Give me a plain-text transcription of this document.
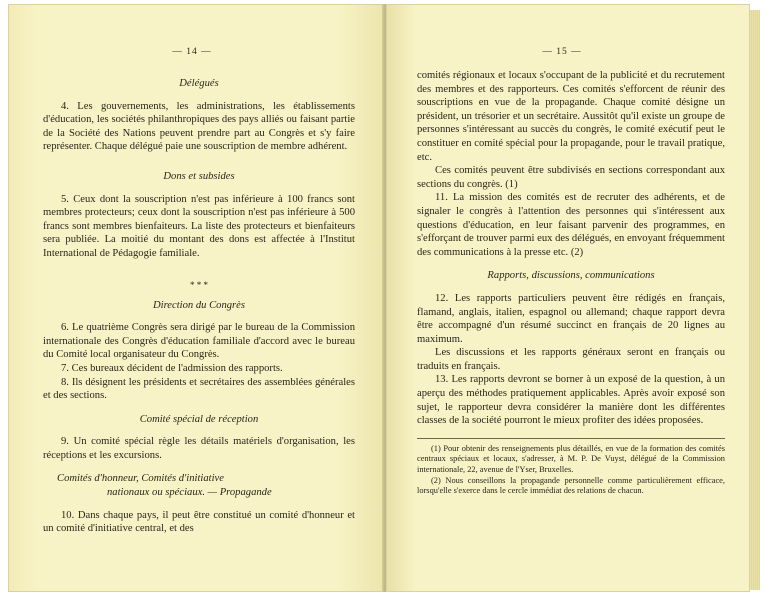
— 14 —
Délégués

4. Les gouvernements, les administrations, les établissements d'éducation, les sociétés philanthropiques des pays alliés ou faisant partie de la Société des Nations peuvent prendre part au Congrès et s'y faire représenter. Chaque délégué paie une souscription de membre adhérent.

Dons et subsides

5. Ceux dont la souscription n'est pas inférieure à 100 francs sont membres protecteurs; ceux dont la souscription n'est pas inférieure à 500 francs sont membres bienfaiteurs. La liste des protecteurs et bienfaiteurs sera publiée. La moitié du montant des dons est affectée à l'Institut International de Pédagogie familiale.

* * *
Direction du Congrès

6. Le quatrième Congrès sera dirigé par le bureau de la Commission internationale des Congrès d'éducation familiale d'accord avec le bureau du Comité local organisateur du Congrès.

7. Ces bureaux décident de l'admission des rapports.

8. Ils désignent les présidents et secrétaires des assemblées générales et des sections.

Comité spécial de réception

9. Un comité spécial règle les détails matériels d'organisation, les réceptions et les excursions.

Comités d'honneur, Comités d'initiative
nationaux ou spéciaux. — Propagande

10. Dans chaque pays, il peut être constitué un comité d'honneur et un comité d'initiative central, et des

— 15 —

comités régionaux et locaux s'occupant de la publicité et du recrutement des membres et des rapporteurs. Ces comités s'efforcent de réunir des souscriptions en vue de la propagande. Chaque comité désigne un président, un trésorier et un secrétaire. Aussitôt qu'il existe un groupe de personnes s'intéressant au succès du congrès, le comité exécutif peut le constituer en comité spécial pour la propagande, pour le travail pratique, etc.

Ces comités peuvent être subdivisés en sections correspondant aux sections du congrès. (1)

11. La mission des comités est de recruter des adhérents, et de signaler le congrès à l'attention des personnes qui s'intéressent aux questions d'éducation, en leur faisant parvenir des programmes, en s'efforçant de trouver parmi eux des délégués, en envoyant fréquemment des communications à la presse etc. (2)

Rapports, discussions, communications

12. Les rapports particuliers peuvent être rédigés en français, flamand, anglais, italien, espagnol ou allemand; chaque rapport devra être accompagné d'un résumé succinct en français de 20 lignes au maximum.

Les discussions et les rapports généraux seront en français ou traduits en français.

13. Les rapports devront se borner à un exposé de la question, à un aperçu des méthodes pratiquement applicables. Après avoir exposé son sujet, le rapporteur devra considérer la manière dont les différentes classes de la société pourront le mieux profiter des idées proposées.

(1) Pour obtenir des renseignements plus détaillés, en vue de la formation des comités centraux spéciaux et locaux, s'adresser, à M. P. De Vuyst, délégué de la Commission internationale, 22, avenue de l'Yser, Bruxelles.

(2) Nous conseillons la propagande personnelle comme particulièrement efficace, lorsqu'elle s'exerce dans le cercle immédiat des relations de chacun.
